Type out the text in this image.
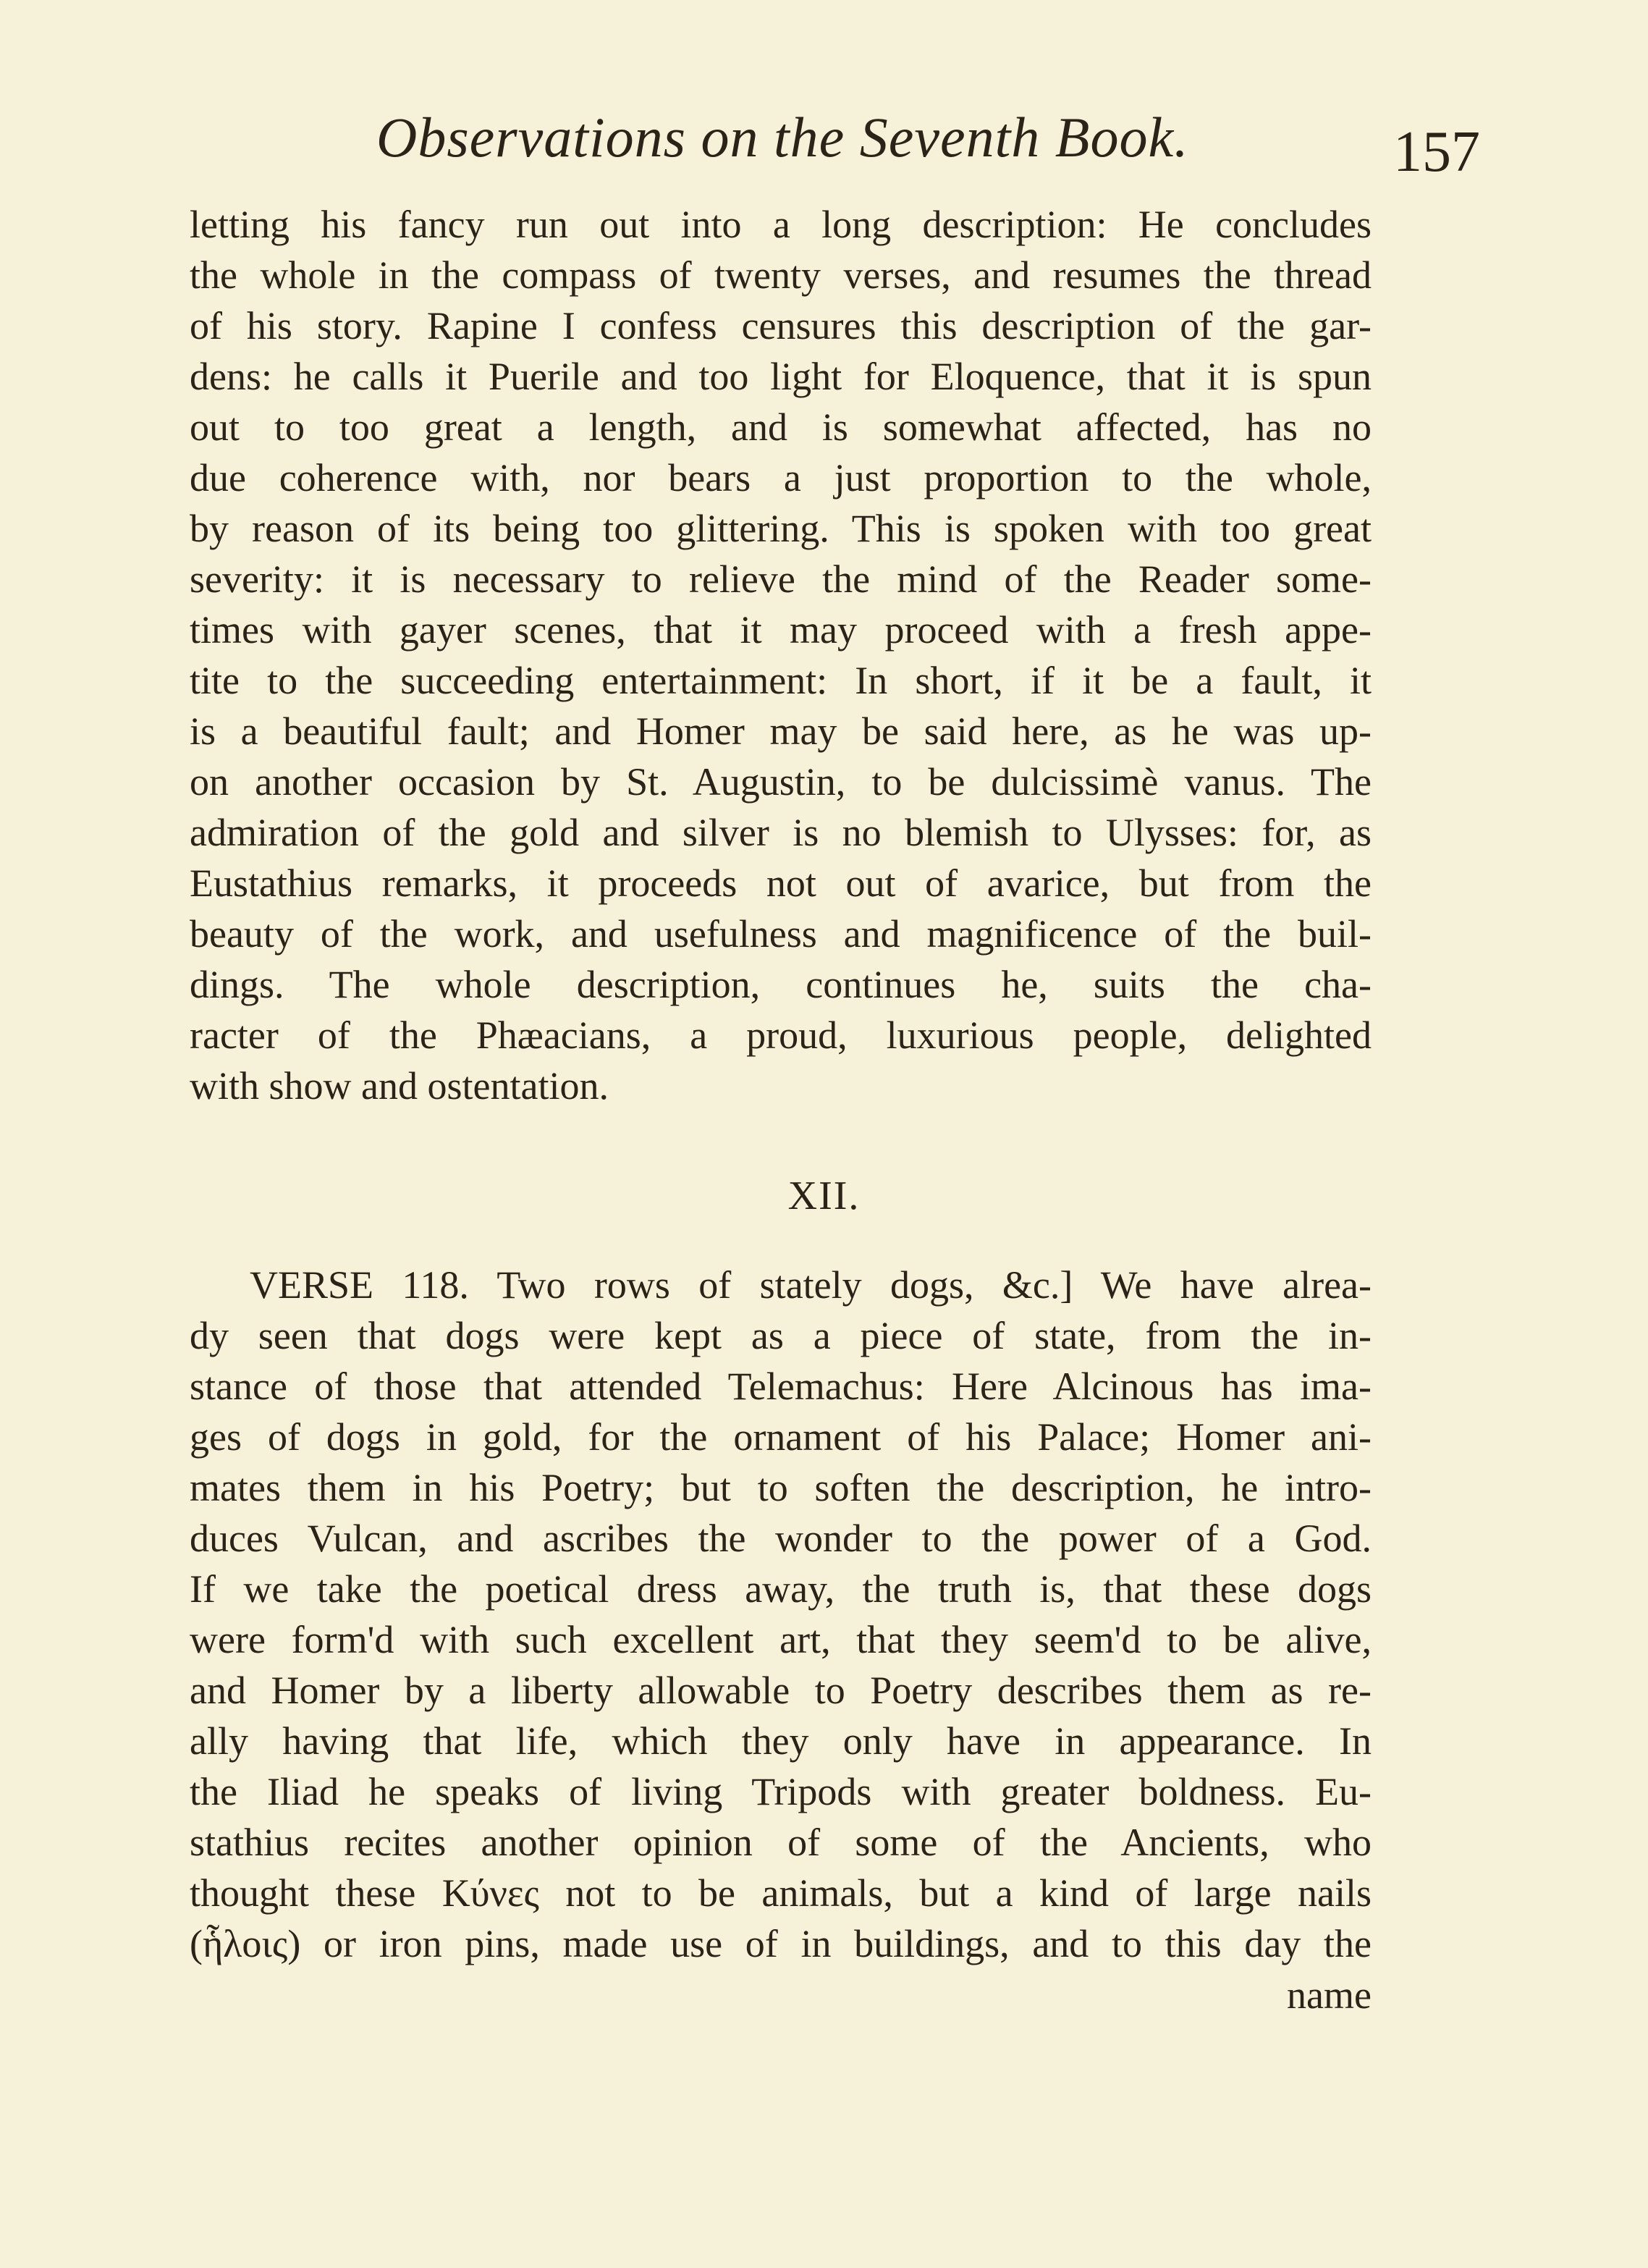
Observations on the Seventh Book.	157
letting his fancy run out into a long description: He concludes
the whole in the compass of twenty verses, and resumes the thread
of his story. Rapine I confess censures this description of the gar-
dens: he calls it Puerile and too light for Eloquence, that it is spun
out to too great a length, and is somewhat affected, has no
due coherence with, nor bears a just proportion to the whole,
by reason of its being too glittering. This is spoken with too great
severity: it is necessary to relieve the mind of the Reader some-
times with gayer scenes, that it may proceed with a fresh appe-
tite to the succeeding entertainment: In short, if it be a fault, it
is a beautiful fault; and Homer may be said here, as he was up-
on another occasion by St. Augustin, to be dulcissimè vanus. The
admiration of the gold and silver is no blemish to Ulysses: for, as
Eustathius remarks, it proceeds not out of avarice, but from the
beauty of the work, and usefulness and magnificence of the buil-
dings. The whole description, continues he, suits the cha-
racter of the Phæacians, a proud, luxurious people, delighted
with show and ostentation.
XII.
VERSE 118. Two rows of stately dogs, &c.] We have alrea-
dy seen that dogs were kept as a piece of state, from the in-
stance of those that attended Telemachus: Here Alcinous has ima-
ges of dogs in gold, for the ornament of his Palace; Homer ani-
mates them in his Poetry; but to soften the description, he intro-
duces Vulcan, and ascribes the wonder to the power of a God.
If we take the poetical dress away, the truth is, that these dogs
were form'd with such excellent art, that they seem'd to be alive,
and Homer by a liberty allowable to Poetry describes them as re-
ally having that life, which they only have in appearance. In
the Iliad he speaks of living Tripods with greater boldness. Eu-
stathius recites another opinion of some of the Ancients, who
thought these Κύνες not to be animals, but a kind of large nails
(ἧλοις) or iron pins, made use of in buildings, and to this day the
name
